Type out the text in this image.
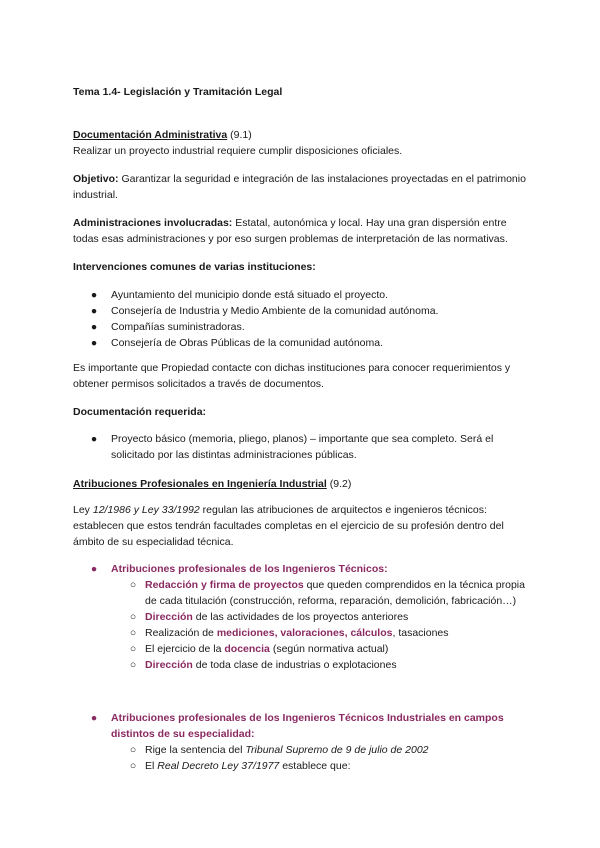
Tema 1.4- Legislación y Tramitación Legal

Documentación Administrativa (9.1)

Realizar un proyecto industrial requiere cumplir disposiciones oficiales.

Objetivo: Garantizar la seguridad e integración de las instalaciones proyectadas en el patrimonio industrial.

Administraciones involucradas: Estatal, autonómica y local. Hay una gran dispersión entre todas esas administraciones y por eso surgen problemas de interpretación de las normativas.

Intervenciones comunes de varias instituciones:

● Ayuntamiento del municipio donde está situado el proyecto.
● Consejería de Industria y Medio Ambiente de la comunidad autónoma.
● Compañías suministradoras.
● Consejería de Obras Públicas de la comunidad autónoma.

Es importante que Propiedad contacte con dichas instituciones para conocer requerimientos y obtener permisos solicitados a través de documentos.

Documentación requerida:

● Proyecto básico (memoria, pliego, planos) – importante que sea completo. Será el solicitado por las distintas administraciones públicas.

Atribuciones Profesionales en Ingeniería Industrial (9.2)

Ley 12/1986 y Ley 33/1992 regulan las atribuciones de arquitectos e ingenieros técnicos: establecen que estos tendrán facultades completas en el ejercicio de su profesión dentro del ámbito de su especialidad técnica.

● Atribuciones profesionales de los Ingenieros Técnicos:
○ Redacción y firma de proyectos que queden comprendidos en la técnica propia de cada titulación (construcción, reforma, reparación, demolición, fabricación…)
○ Dirección de las actividades de los proyectos anteriores
○ Realización de mediciones, valoraciones, cálculos, tasaciones
○ El ejercicio de la docencia (según normativa actual)
○ Dirección de toda clase de industrias o explotaciones
● Atribuciones profesionales de los Ingenieros Técnicos Industriales en campos distintos de su especialidad:
○ Rige la sentencia del Tribunal Supremo de 9 de julio de 2002
○ El Real Decreto Ley 37/1977 establece que:
